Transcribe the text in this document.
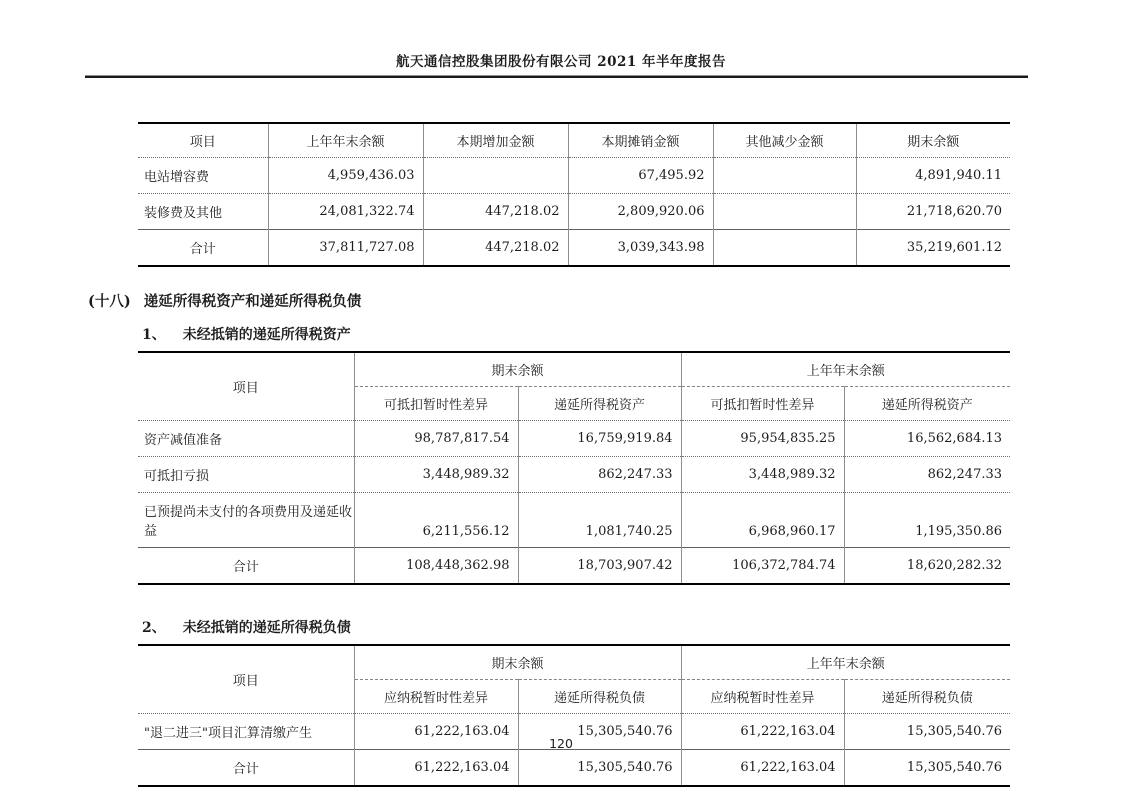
航天通信控股集团股份有限公司 2021 年半年度报告
项目	上年年末余额	本期增加金额	本期摊销金额	其他减少金额	期末余额
电站增容费	4,959,436.03		67,495.92		4,891,940.11
装修费及其他	24,081,322.74	447,218.02	2,809,920.06		21,718,620.70
合计	37,811,727.08	447,218.02	3,039,343.98		35,219,601.12
(十八) 递延所得税资产和递延所得税负债
1、 未经抵销的递延所得税资产
项目	期末余额		上年年末余额	
	可抵扣暂时性差异	递延所得税资产	可抵扣暂时性差异	递延所得税资产
资产减值准备	98,787,817.54	16,759,919.84	95,954,835.25	16,562,684.13
可抵扣亏损	3,448,989.32	862,247.33	3,448,989.32	862,247.33
已预提尚未支付的各项费用及递延收益	6,211,556.12	1,081,740.25	6,968,960.17	1,195,350.86
合计	108,448,362.98	18,703,907.42	106,372,784.74	18,620,282.32
2、 未经抵销的递延所得税负债
项目	期末余额		上年年末余额	
	应纳税暂时性差异	递延所得税负债	应纳税暂时性差异	递延所得税负债
"退二进三"项目汇算清缴产生	61,222,163.04	15,305,540.76	61,222,163.04	15,305,540.76
合计	61,222,163.04	15,305,540.76	61,222,163.04	15,305,540.76
120
